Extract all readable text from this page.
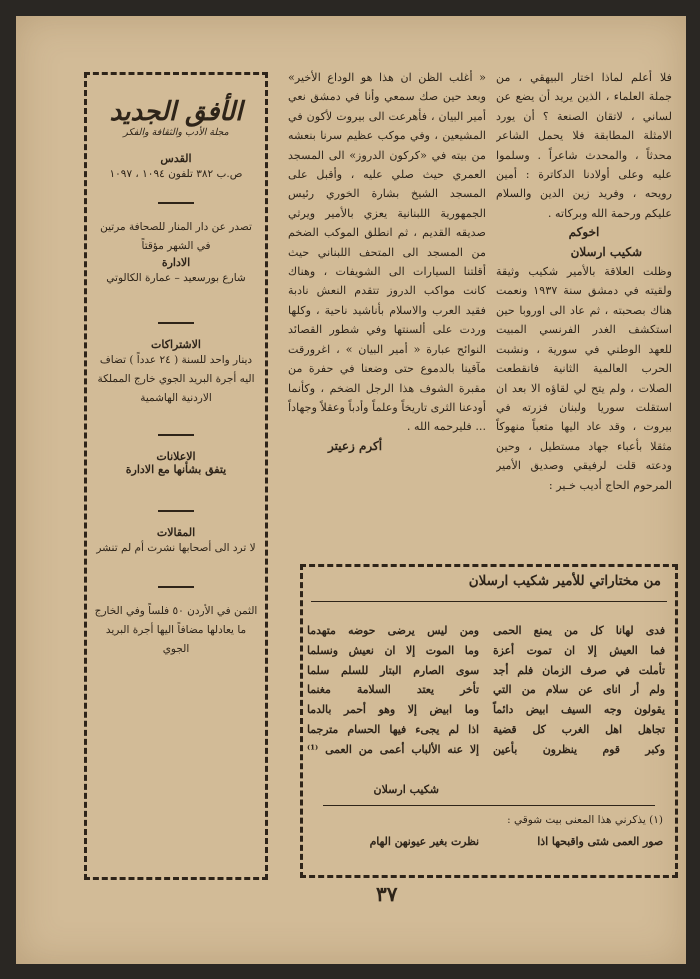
فلا أعلم لماذا اختار البيهقي ، من جملة العلماء ، الذين يريد أن يضع عن لساني ، لاتقان الصنعة ؟ أن يورد الامثلة المطابقة فلا يحمل الشاعر محدثاً ، والمحدث شاعراً . وسلموا عليه وعلى أولادنا الدكاترة : أمين رويحه ، وفريد زين الدين والسلام عليكم ورحمة الله وبركاته .

اخوكم
شكيب ارسلان

وظلت العلاقة بالأمير شكيب وثيقة ولقيته في دمشق سنة ١٩٣٧ ونعمت هناك بصحبته ، ثم عاد الى اوروبا حين استكشف الغدر الفرنسي المبيت للعهد الوطني في سورية ، ونشبت الحرب العالمية الثانية فانقطعت الصلات ، ولم يتح لي لقاؤه الا بعد ان استقلت سوريا ولبنان فزرته في بيروت ، وقد عاد اليها متعباً منهوكاً مثقلا بأعباء جهاد مستطيل ، وحين ودعته قلت لرفيقي وصديق الأمير المرحوم الحاج أديب خـير :

« أغلب الظن ان هذا هو الوداع الأخير» وبعد حين صك سمعي وأنا في دمشق نعي أمير البيان ، فأهرعت الى بيروت لأكون في المشيعين ، وفي موكب عظيم سرنا بنعشه من بيته في «كركون الدروز» الى المسجد العمري حيث صلي عليه ، وأقبل على المسجد الشيخ بشارة الخوري رئيس الجمهورية اللبنانية يعزي بالأمير ويرثي صديقه القديم ، ثم انطلق الموكب الضخم من المسجد الى المتحف اللبناني حيث أقلتنا السيارات الى الشويفات ، وهناك كانت مواكب الدروز تتقدم النعش نادبة فقيد العرب والاسلام بأناشيد ناحية ، وكلها وردت على ألسنتها وفي شطور القصائد النوائح عبارة « أمير البيان » ، اغرورقت مآقينا بالدموع حتى وضعنا في حفرة من مقبرة الشوف هذا الرجل الضخم ، وكأنما أودعنا الثرى تاريخاً وعلماً وأدباً وعقلاً وجهاداً ... فليرحمه الله .

أكرم زعيتر
الأفق الجديد
مجلة الأدب والثقافة والفكر
القدس
ص.ب ٣٨٢ تلفون ١٠٩٤ ، ١٠٩٧
تصدر عن دار المنار للصحافة مرتين في الشهر مؤقتاً
الادارة
شارع بورسعيد – عمارة الكالوتي
الاشتراكات
دينار واحد للسنة ( ٢٤ عدداً ) تضاف اليه أجرة البريد الجوي خارج المملكة الاردنية الهاشمية
الاعلانات
يتفق بشأنها مع الادارة
المقالات
لا ترد الى أصحابها نشرت أم لم تنشر
الثمن في الأردن ٥٠ فلساً وفي الخارج ما يعادلها مضافاً اليها أجرة البريد الجوي
من مختاراتي للأمير شكيب ارسلان
فدى لهانا كل من يمنع الحمى
فما العيش إلا ان تموت أعزة
تأملت في صرف الزمان فلم أجد
ولم أر اناى عن سلام من التي
يقولون وجه السيف ابيض دائماً
تجاهل اهل الغرب كل قضية
وكبر قوم ينظرون بأعين
ومن ليس يرضى حوضه متهدما
وما الموت إلا ان نعيش ونسلما
سوى الصارم البتار للسلم سلما
تأخر يعتد السلامة مغنما
وما ابيض إلا وهو أحمر بالدما
اذا لم يجىء فيها الحسام مترجما
إلا عنه الألباب أعمى من العمى ⁽¹⁾
شكيب ارسلان
(١) يذكرني هذا المعنى بيت شوقي :
صور العمى شتى واقبحها اذا
نظرت بغير عيونهن الهام
٣٧
